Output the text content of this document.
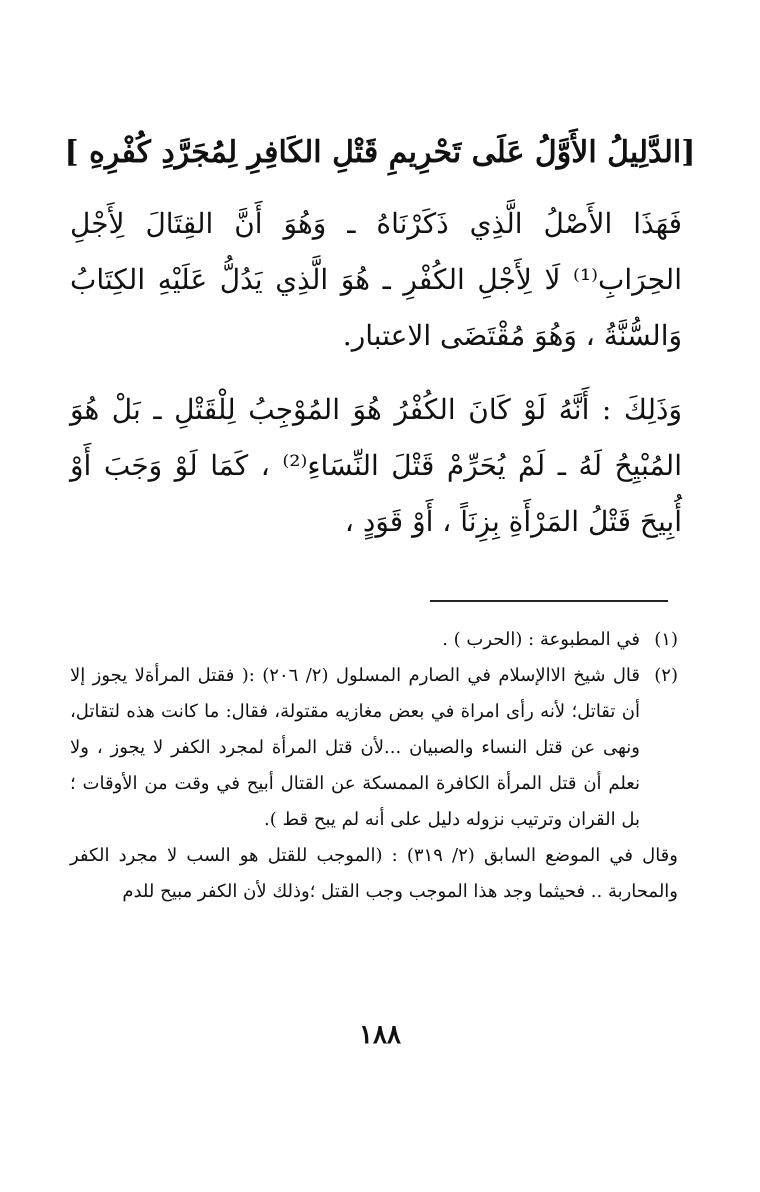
[الدَّلِيلُ الأَوَّلُ عَلَى تَحْرِيمِ قَتْلِ الكَافِرِ لِمُجَرَّدِ كُفْرِهِ ]

فَهَذَا الأَصْلُ الَّذِي ذَكَرْنَاهُ ـ وَهُوَ أَنَّ القِتَالَ لِأَجْلِ الحِرَابِ⁽¹⁾ لَا لِأَجْلِ الكُفْرِ ـ هُوَ الَّذِي يَدُلُّ عَلَيْهِ الكِتَابُ وَالسُّنَّةُ ، وَهُوَ مُقْتَضَى الاعتبار.

وَذَلِكَ : أَنَّهُ لَوْ كَانَ الكُفْرُ هُوَ المُوْجِبُ لِلْقَتْلِ ـ بَلْ هُوَ المُبْيِحُ لَهُ ـ لَمْ يُحَرِّمْ قَتْلَ النِّسَاءِ⁽²⁾ ، كَمَا لَوْ وَجَبَ أَوْ أُبِيحَ قَتْلُ المَرْأَةِ بِزِنَاً ، أَوْ قَوَدٍ ،

(١)
في المطبوعة : (الحرب ) .
(٢)
قال شيخ الاالإسلام في الصارم المسلول (٢/ ٢٠٦) :( فقتل المرأةلا يجوز إلا أن تقاتل؛ لأنه رأى امراة في بعض مغازيه مقتولة، فقال: ما كانت هذه لتقاتل، ونهى عن قتل النساء والصبيان ...لأن قتل المرأة لمجرد الكفر لا يجوز ، ولا نعلم أن قتل المرأة الكافرة الممسكة عن القتال أبيح في وقت من الأوقات ؛ بل القران وترتيب نزوله دليل على أنه لم يبح قط ).
وقال في الموضع السابق (٢/ ٣١٩) : (الموجب للقتل هو السب لا مجرد الكفر والمحاربة .. فحيثما وجد هذا الموجب وجب القتل ؛وذلك لأن الكفر مبيح للدم
١٨٨
